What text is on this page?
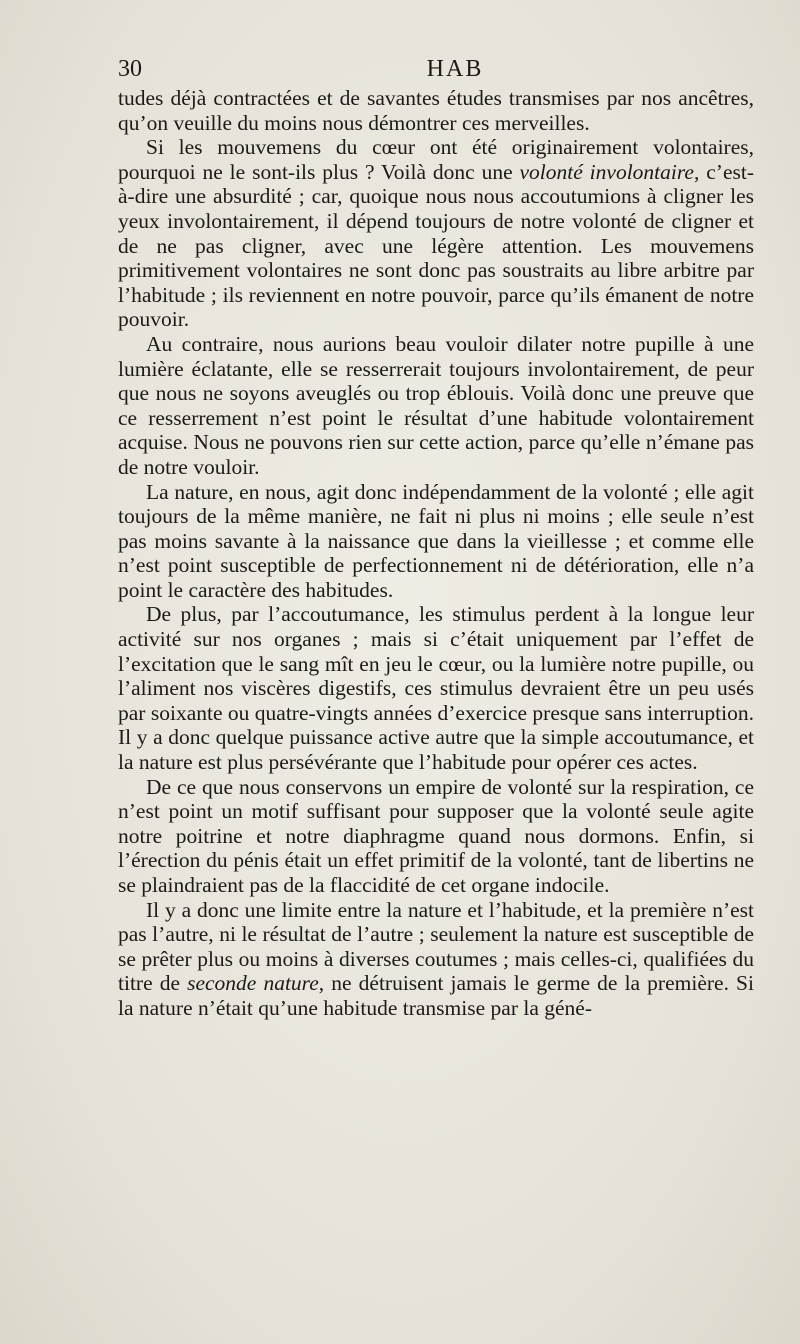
30	HAB

tudes déjà contractées et de savantes études transmises par nos ancêtres, qu’on veuille du moins nous démontrer ces merveilles.

Si les mouvemens du cœur ont été originairement volontaires, pourquoi ne le sont-ils plus ? Voilà donc une volonté involontaire, c’est-à-dire une absurdité ; car, quoique nous nous accoutumions à cligner les yeux involontairement, il dépend toujours de notre volonté de cligner et de ne pas cligner, avec une légère attention. Les mouvemens primitivement volontaires ne sont donc pas soustraits au libre arbitre par l’habitude ; ils reviennent en notre pouvoir, parce qu’ils émanent de notre pouvoir.

Au contraire, nous aurions beau vouloir dilater notre pupille à une lumière éclatante, elle se resserrerait toujours involontairement, de peur que nous ne soyons aveuglés ou trop éblouis. Voilà donc une preuve que ce resserrement n’est point le résultat d’une habitude volontairement acquise. Nous ne pouvons rien sur cette action, parce qu’elle n’émane pas de notre vouloir.

La nature, en nous, agit donc indépendamment de la volonté ; elle agit toujours de la même manière, ne fait ni plus ni moins ; elle seule n’est pas moins savante à la naissance que dans la vieillesse ; et comme elle n’est point susceptible de perfectionnement ni de détérioration, elle n’a point le caractère des habitudes.

De plus, par l’accoutumance, les stimulus perdent à la longue leur activité sur nos organes ; mais si c’était uniquement par l’effet de l’excitation que le sang mît en jeu le cœur, ou la lumière notre pupille, ou l’aliment nos viscères digestifs, ces stimulus devraient être un peu usés par soixante ou quatre-vingts années d’exercice presque sans interruption. Il y a donc quelque puissance active autre que la simple accoutumance, et la nature est plus persévérante que l’habitude pour opérer ces actes.

De ce que nous conservons un empire de volonté sur la respiration, ce n’est point un motif suffisant pour supposer que la volonté seule agite notre poitrine et notre diaphragme quand nous dormons. Enfin, si l’érection du pénis était un effet primitif de la volonté, tant de libertins ne se plaindraient pas de la flaccidité de cet organe indocile.

Il y a donc une limite entre la nature et l’habitude, et la première n’est pas l’autre, ni le résultat de l’autre ; seulement la nature est susceptible de se prêter plus ou moins à diverses coutumes ; mais celles-ci, qualifiées du titre de seconde nature, ne détruisent jamais le germe de la première. Si la nature n’était qu’une habitude transmise par la géné-
